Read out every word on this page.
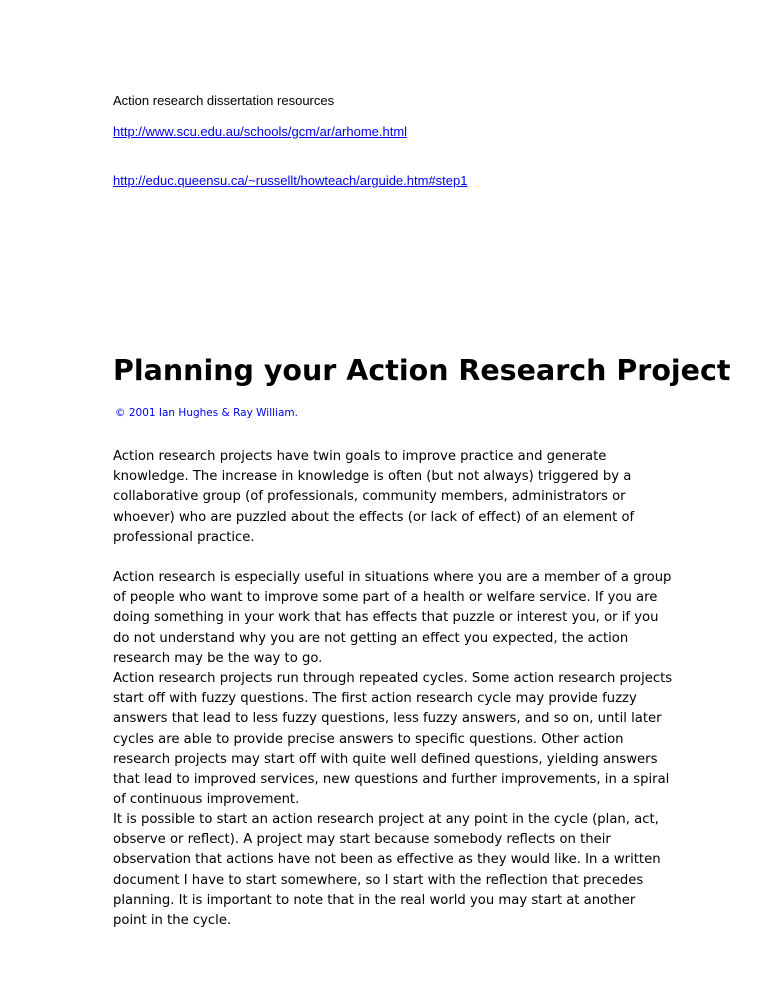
Action research dissertation resources
http://www.scu.edu.au/schools/gcm/ar/arhome.html
http://educ.queensu.ca/~russellt/howteach/arguide.htm#step1
Planning your Action Research Project
© 2001 Ian Hughes & Ray William.

Action research projects have twin goals to improve practice and generate knowledge. The increase in knowledge is often (but not always) triggered by a collaborative group (of professionals, community members, administrators or whoever) who are puzzled about the effects (or lack of effect) of an element of professional practice.

Action research is especially useful in situations where you are a member of a group of people who want to improve some part of a health or welfare service. If you are doing something in your work that has effects that puzzle or interest you, or if you do not understand why you are not getting an effect you expected, the action research may be the way to go.

Action research projects run through repeated cycles. Some action research projects start off with fuzzy questions. The first action research cycle may provide fuzzy answers that lead to less fuzzy questions, less fuzzy answers, and so on, until later cycles are able to provide precise answers to specific questions. Other action research projects may start off with quite well defined questions, yielding answers that lead to improved services, new questions and further improvements, in a spiral of continuous improvement.

It is possible to start an action research project at any point in the cycle (plan, act, observe or reflect). A project may start because somebody reflects on their observation that actions have not been as effective as they would like. In a written document I have to start somewhere, so I start with the reflection that precedes planning. It is important to note that in the real world you may start at another point in the cycle.
